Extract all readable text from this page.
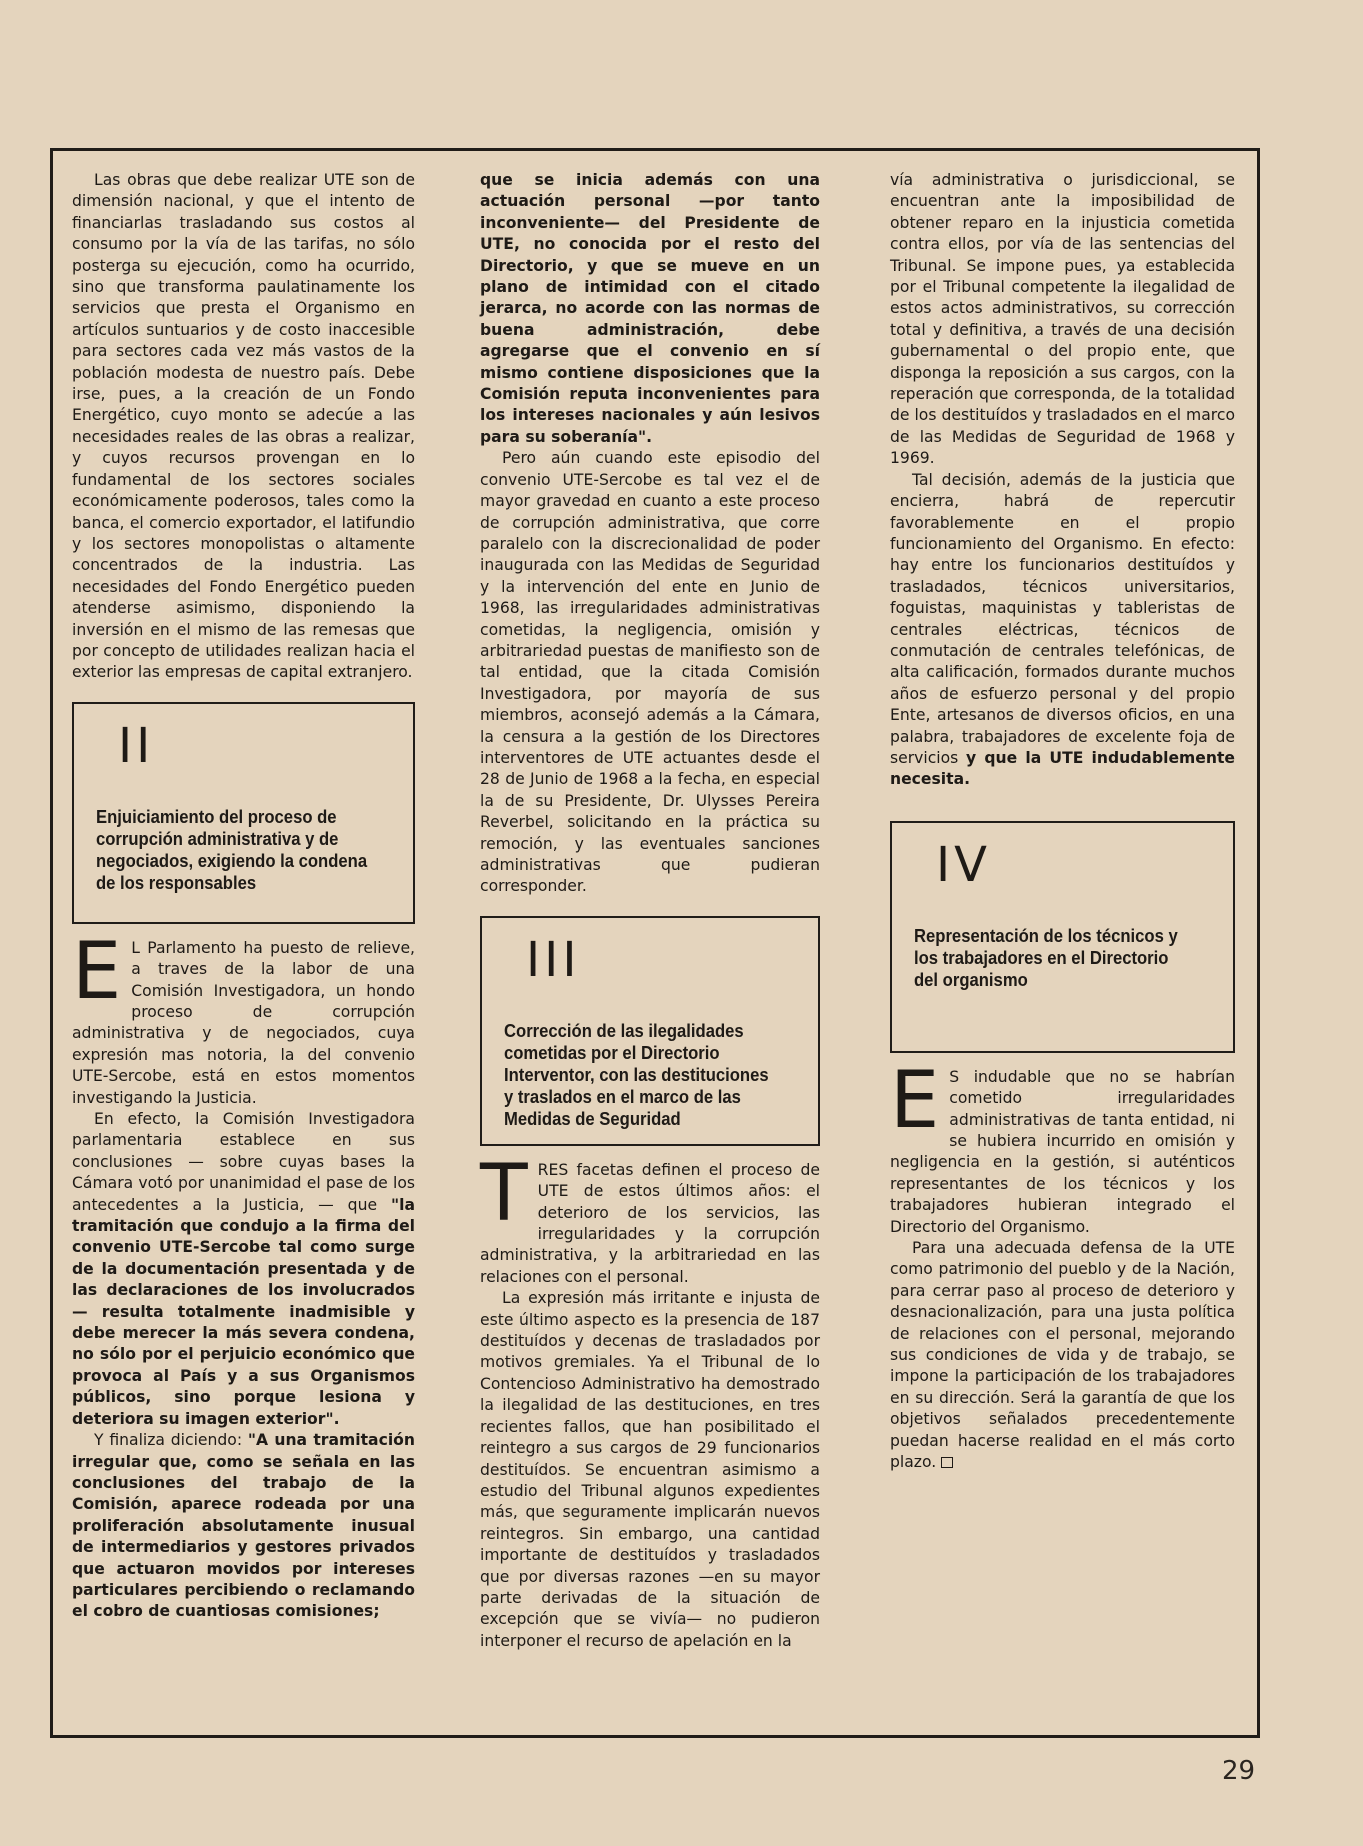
Las obras que debe realizar UTE son de dimensión nacional, y que el intento de financiarlas trasladando sus costos al consumo por la vía de las tarifas, no sólo posterga su ejecución, como ha ocurrido, sino que transforma paulatinamente los servicios que presta el Organismo en artículos suntuarios y de costo inaccesible para sectores cada vez más vastos de la población modesta de nuestro país. Debe irse, pues, a la creación de un Fondo Energético, cuyo monto se adecúe a las necesidades reales de las obras a realizar, y cuyos recursos provengan en lo fundamental de los sectores sociales económicamente poderosos, tales como la banca, el comercio exportador, el latifundio y los sectores monopolistas o altamente concentrados de la industria. Las necesidades del Fondo Energético pueden atenderse asimismo, disponiendo la inversión en el mismo de las remesas que por concepto de utilidades realizan hacia el exterior las empresas de capital extranjero.

II
Enjuiciamiento del proceso de corrupción administrativa y de negociados, exigiendo la condena de los responsables
E L Parlamento ha puesto de relieve, a traves de la labor de una Comisión Investigadora, un hondo proceso de corrupción administrativa y de negociados, cuya expresión mas notoria, la del convenio UTE-Sercobe, está en estos momentos investigando la Justicia.

En efecto, la Comisión Investigadora parlamentaria establece en sus conclusiones — sobre cuyas bases la Cámara votó por unanimidad el pase de los antecedentes a la Justicia, — que "la tramitación que condujo a la firma del convenio UTE-Sercobe tal como surge de la documentación presentada y de las declaraciones de los involucrados — resulta totalmente inadmisible y debe merecer la más severa condena, no sólo por el perjuicio económico que provoca al País y a sus Organismos públicos, sino porque lesiona y deteriora su imagen exterior".

Y finaliza diciendo: "A una tramitación irregular que, como se señala en las conclusiones del trabajo de la Comisión, aparece rodeada por una proliferación absolutamente inusual de intermediarios y gestores privados que actuaron movidos por intereses particulares percibiendo o reclamando el cobro de cuantiosas comisiones;

que se inicia además con una actuación personal —por tanto inconveniente— del Presidente de UTE, no conocida por el resto del Directorio, y que se mueve en un plano de intimidad con el citado jerarca, no acorde con las normas de buena administración, debe agregarse que el convenio en sí mismo contiene disposiciones que la Comisión reputa inconvenientes para los intereses nacionales y aún lesivos para su soberanía".

Pero aún cuando este episodio del convenio UTE-Sercobe es tal vez el de mayor gravedad en cuanto a este proceso de corrupción administrativa, que corre paralelo con la discrecionalidad de poder inaugurada con las Medidas de Seguridad y la intervención del ente en Junio de 1968, las irregularidades administrativas cometidas, la negligencia, omisión y arbitrariedad puestas de manifiesto son de tal entidad, que la citada Comisión Investigadora, por mayoría de sus miembros, aconsejó además a la Cámara, la censura a la gestión de los Directores interventores de UTE actuantes desde el 28 de Junio de 1968 a la fecha, en especial la de su Presidente, Dr. Ulysses Pereira Reverbel, solicitando en la práctica su remoción, y las eventuales sanciones administrativas que pudieran corresponder.

III
Corrección de las ilegalidades cometidas por el Directorio Interventor, con las destituciones y traslados en el marco de las Medidas de Seguridad
T RES facetas definen el proceso de UTE de estos últimos años: el deterioro de los servicios, las irregularidades y la corrupción administrativa, y la arbitrariedad en las relaciones con el personal.

La expresión más irritante e injusta de este último aspecto es la presencia de 187 destituídos y decenas de trasladados por motivos gremiales. Ya el Tribunal de lo Contencioso Administrativo ha demostrado la ilegalidad de las destituciones, en tres recientes fallos, que han posibilitado el reintegro a sus cargos de 29 funcionarios destituídos. Se encuentran asimismo a estudio del Tribunal algunos expedientes más, que seguramente implicarán nuevos reintegros. Sin embargo, una cantidad importante de destituídos y trasladados que por diversas razones —en su mayor parte derivadas de la situación de excepción que se vivía— no pudieron interponer el recurso de apelación en la

vía administrativa o jurisdiccional, se encuentran ante la imposibilidad de obtener reparo en la injusticia cometida contra ellos, por vía de las sentencias del Tribunal. Se impone pues, ya establecida por el Tribunal competente la ilegalidad de estos actos administrativos, su corrección total y definitiva, a través de una decisión gubernamental o del propio ente, que disponga la reposición a sus cargos, con la reperación que corresponda, de la totalidad de los destituídos y trasladados en el marco de las Medidas de Seguridad de 1968 y 1969.

Tal decisión, además de la justicia que encierra, habrá de repercutir favorablemente en el propio funcionamiento del Organismo. En efecto: hay entre los funcionarios destituídos y trasladados, técnicos universitarios, foguistas, maquinistas y tableristas de centrales eléctricas, técnicos de conmutación de centrales telefónicas, de alta calificación, formados durante muchos años de esfuerzo personal y del propio Ente, artesanos de diversos oficios, en una palabra, trabajadores de excelente foja de servicios y que la UTE indudablemente necesita.

IV
Representación de los técnicos y los trabajadores en el Directorio del organismo
E S indudable que no se habrían cometido irregularidades administrativas de tanta entidad, ni se hubiera incurrido en omisión y negligencia en la gestión, si auténticos representantes de los técnicos y los trabajadores hubieran integrado el Directorio del Organismo.

Para una adecuada defensa de la UTE como patrimonio del pueblo y de la Nación, para cerrar paso al proceso de deterioro y desnacionalización, para una justa política de relaciones con el personal, mejorando sus condiciones de vida y de trabajo, se impone la participación de los trabajadores en su dirección. Será la garantía de que los objetivos señalados precedentemente puedan hacerse realidad en el más corto plazo.

29
